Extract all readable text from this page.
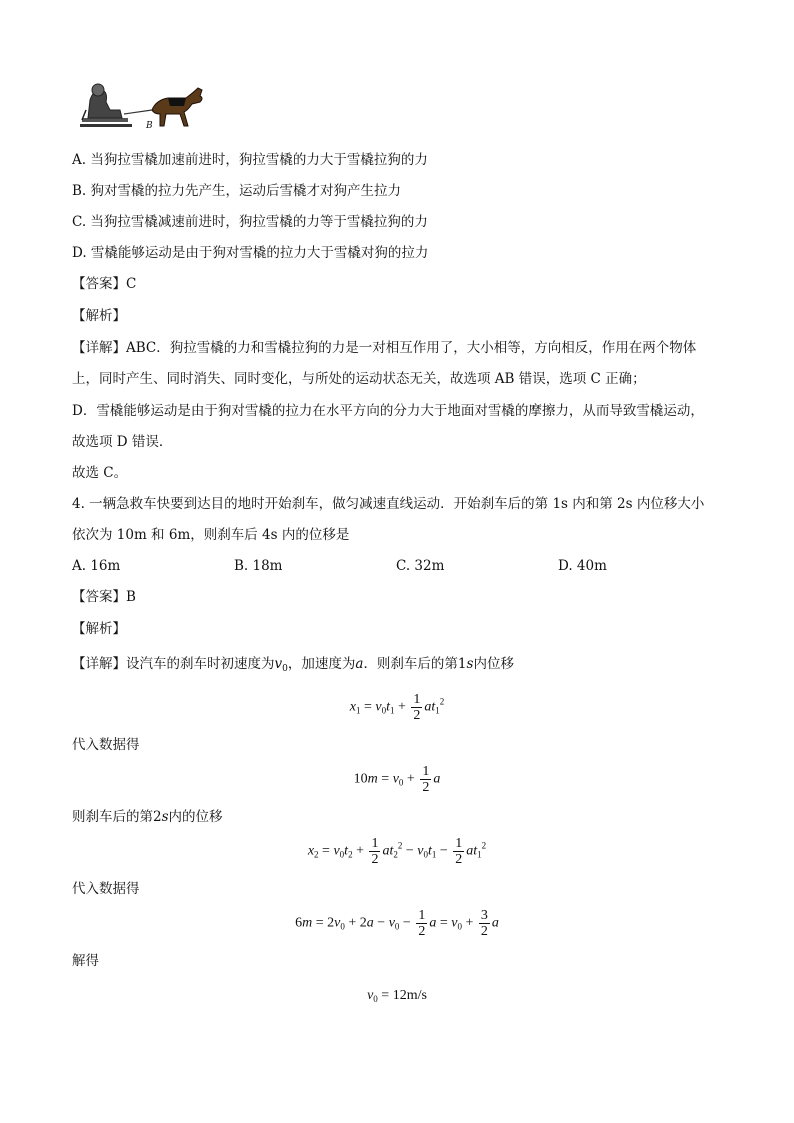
B
A. 当狗拉雪橇加速前进时，狗拉雪橇的力大于雪橇拉狗的力
B. 狗对雪橇的拉力先产生，运动后雪橇才对狗产生拉力
C. 当狗拉雪橇减速前进时，狗拉雪橇的力等于雪橇拉狗的力
D. 雪橇能够运动是由于狗对雪橇的拉力大于雪橇对狗的拉力
【答案】C
【解析】
【详解】ABC．狗拉雪橇的力和雪橇拉狗的力是一对相互作用了，大小相等，方向相反，作用在两个物体
上，同时产生、同时消失、同时变化，与所处的运动状态无关，故选项 AB 错误，选项 C 正确；
D．雪橇能够运动是由于狗对雪橇的拉力在水平方向的分力大于地面对雪橇的摩擦力，从而导致雪橇运动，
故选项 D 错误．
故选 C。
4. 一辆急救车快要到达目的地时开始刹车，做匀减速直线运动．开始刹车后的第 1s 内和第 2s 内位移大小
依次为 10m 和 6m，则刹车后 4s 内的位移是
A. 16m	B. 18m	C. 32m	D. 40m
【答案】B
【解析】
【详解】设汽车的刹车时初速度为$v_0$，加速度为a．则刹车后的第1s内位移
$x_1 = v_0t_1 + \frac{1}{2} at_1^2$
代入数据得
$10m = v_0 + \frac{1}{2}$ a
则刹车后的第2s内的位移
$x_2 = v_0t_2 + \frac{1}{2} at_2^2 - v_0t_1 - \frac{1}{2} at_1^2$
代入数据得
$6m = 2v_0 + 2a - v_0 - \frac{1}{2}$ $a = v_0 + \frac{3}{2}$ a
解得
$v_0 = 12m/s$
